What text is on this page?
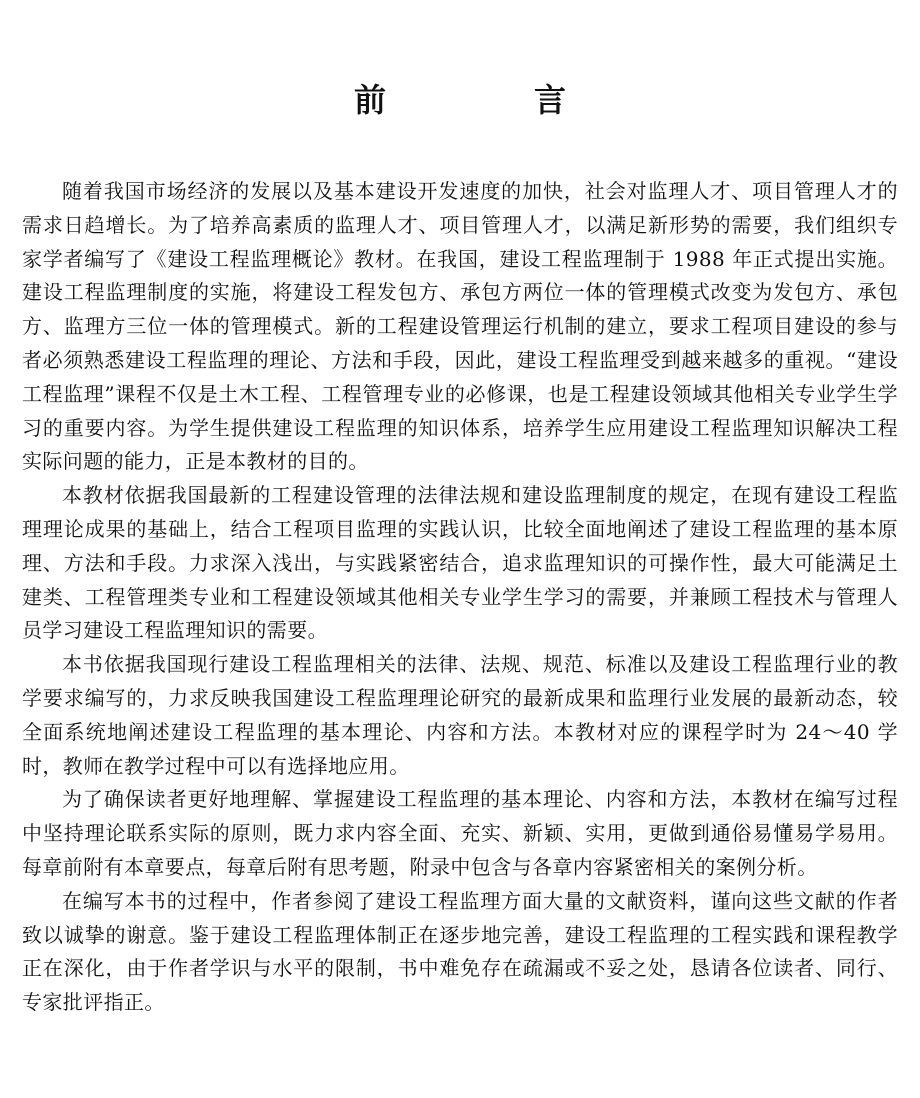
前　言

随着我国市场经济的发展以及基本建设开发速度的加快，社会对监理人才、项目管理人才的需求日趋增长。为了培养高素质的监理人才、项目管理人才，以满足新形势的需要，我们组织专家学者编写了《建设工程监理概论》教材。在我国，建设工程监理制于 1988 年正式提出实施。建设工程监理制度的实施，将建设工程发包方、承包方两位一体的管理模式改变为发包方、承包方、监理方三位一体的管理模式。新的工程建设管理运行机制的建立，要求工程项目建设的参与者必须熟悉建设工程监理的理论、方法和手段，因此，建设工程监理受到越来越多的重视。“建设工程监理”课程不仅是土木工程、工程管理专业的必修课，也是工程建设领域其他相关专业学生学习的重要内容。为学生提供建设工程监理的知识体系，培养学生应用建设工程监理知识解决工程实际问题的能力，正是本教材的目的。

本教材依据我国最新的工程建设管理的法律法规和建设监理制度的规定，在现有建设工程监理理论成果的基础上，结合工程项目监理的实践认识，比较全面地阐述了建设工程监理的基本原理、方法和手段。力求深入浅出，与实践紧密结合，追求监理知识的可操作性，最大可能满足土建类、工程管理类专业和工程建设领域其他相关专业学生学习的需要，并兼顾工程技术与管理人员学习建设工程监理知识的需要。

本书依据我国现行建设工程监理相关的法律、法规、规范、标准以及建设工程监理行业的教学要求编写的，力求反映我国建设工程监理理论研究的最新成果和监理行业发展的最新动态，较全面系统地阐述建设工程监理的基本理论、内容和方法。本教材对应的课程学时为 24～40 学时，教师在教学过程中可以有选择地应用。

为了确保读者更好地理解、掌握建设工程监理的基本理论、内容和方法，本教材在编写过程中坚持理论联系实际的原则，既力求内容全面、充实、新颖、实用，更做到通俗易懂易学易用。每章前附有本章要点，每章后附有思考题，附录中包含与各章内容紧密相关的案例分析。

在编写本书的过程中，作者参阅了建设工程监理方面大量的文献资料，谨向这些文献的作者致以诚挚的谢意。鉴于建设工程监理体制正在逐步地完善，建设工程监理的工程实践和课程教学正在深化，由于作者学识与水平的限制，书中难免存在疏漏或不妥之处，恳请各位读者、同行、专家批评指正。
